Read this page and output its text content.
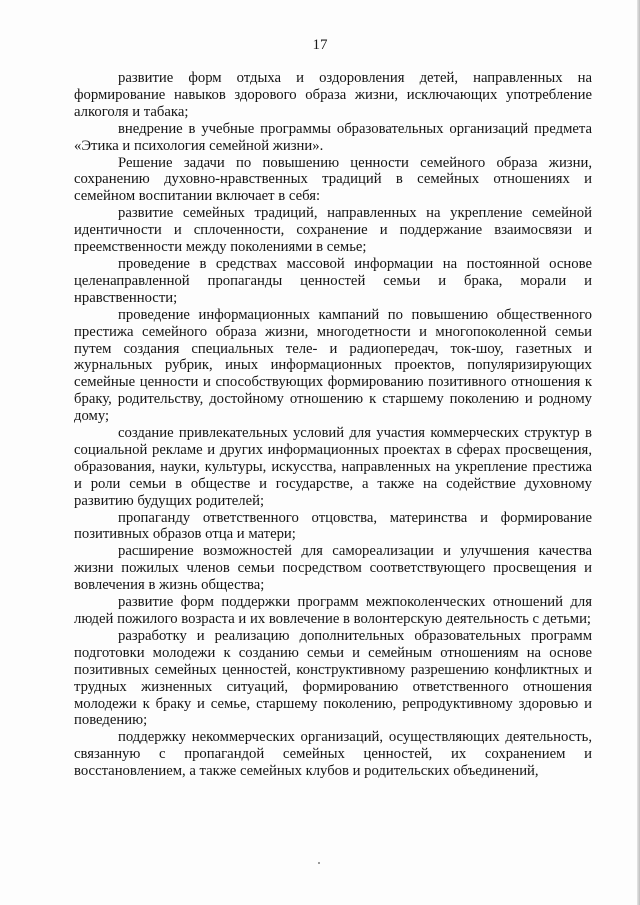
17

развитие форм отдыха и оздоровления детей, направленных на формирование навыков здорового образа жизни, исключающих употребление алкоголя и табака;

внедрение в учебные программы образовательных организаций предмета «Этика и психология семейной жизни».

Решение задачи по повышению ценности семейного образа жизни, сохранению духовно-нравственных традиций в семейных отношениях и семейном воспитании включает в себя:

развитие семейных традиций, направленных на укрепление семейной идентичности и сплоченности, сохранение и поддержание взаимосвязи и преемственности между поколениями в семье;

проведение в средствах массовой информации на постоянной основе целенаправленной пропаганды ценностей семьи и брака, морали и нравственности;

проведение информационных кампаний по повышению общественного престижа семейного образа жизни, многодетности и многопоколенной семьи путем создания специальных теле- и радиопередач, ток-шоу, газетных и журнальных рубрик, иных информационных проектов, популяризирующих семейные ценности и способствующих формированию позитивного отношения к браку, родительству, достойному отношению к старшему поколению и родному дому;

создание привлекательных условий для участия коммерческих структур в социальной рекламе и других информационных проектах в сферах просвещения, образования, науки, культуры, искусства, направленных на укрепление престижа и роли семьи в обществе и государстве, а также на содействие духовному развитию будущих родителей;

пропаганду ответственного отцовства, материнства и формирование позитивных образов отца и матери;

расширение возможностей для самореализации и улучшения качества жизни пожилых членов семьи посредством соответствующего просвещения и вовлечения в жизнь общества;

развитие форм поддержки программ межпоколенческих отношений для людей пожилого возраста и их вовлечение в волонтерскую деятельность с детьми;

разработку и реализацию дополнительных образовательных программ подготовки молодежи к созданию семьи и семейным отношениям на основе позитивных семейных ценностей, конструктивному разрешению конфликтных и трудных жизненных ситуаций, формированию ответственного отношения молодежи к браку и семье, старшему поколению, репродуктивному здоровью и поведению;

поддержку некоммерческих организаций, осуществляющих деятельность, связанную с пропагандой семейных ценностей, их сохранением и восстановлением, а также семейных клубов и родительских объединений,
